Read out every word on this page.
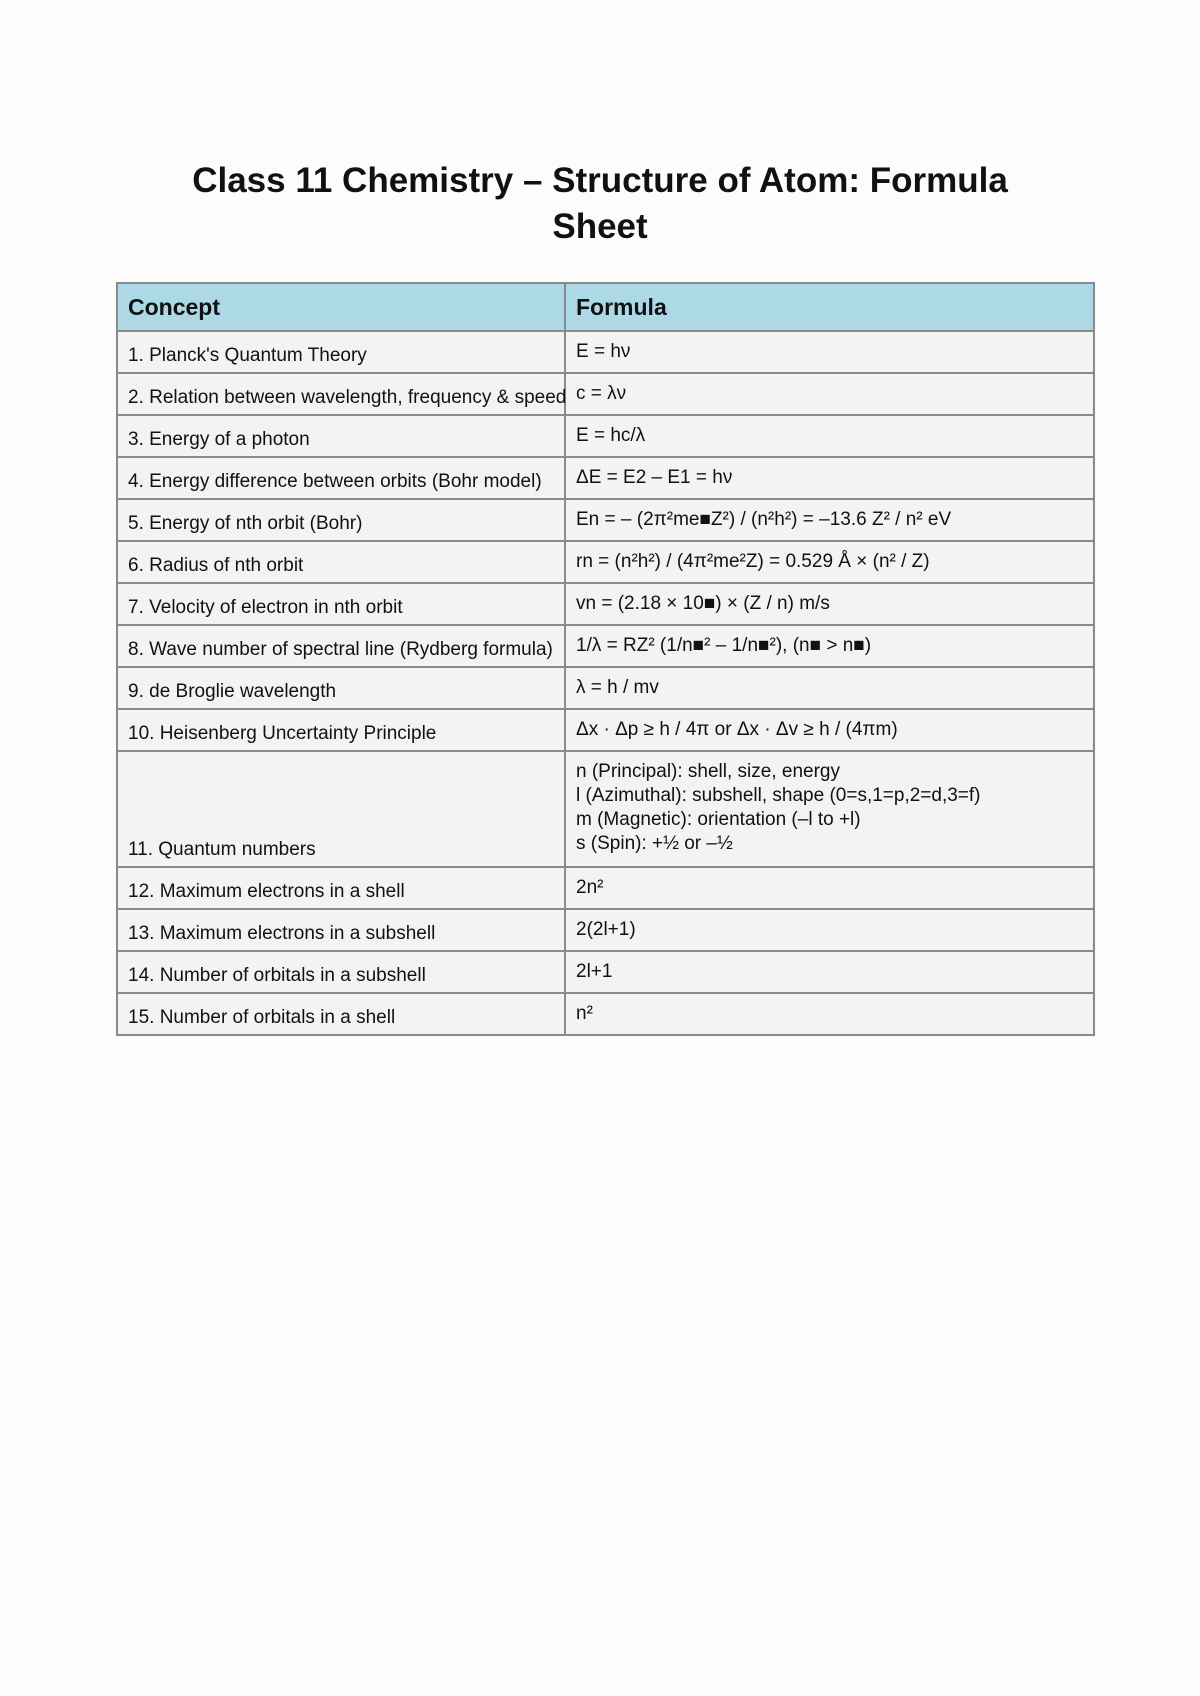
Class 11 Chemistry – Structure of Atom: Formula Sheet
Concept	Formula
1. Planck's Quantum Theory	E = hν
2. Relation between wavelength, frequency & speed	c = λν
3. Energy of a photon	E = hc/λ
4. Energy difference between orbits (Bohr model)	ΔE = E2 – E1 = hν
5. Energy of nth orbit (Bohr)	En = – (2π²me■Z²) / (n²h²) = –13.6 Z² / n² eV
6. Radius of nth orbit	rn = (n²h²) / (4π²me²Z) = 0.529 Å × (n² / Z)
7. Velocity of electron in nth orbit	vn = (2.18 × 10■) × (Z / n) m/s
8. Wave number of spectral line (Rydberg formula)	1/λ = RZ² (1/n■² – 1/n■²), (n■ > n■)
9. de Broglie wavelength	λ = h / mv
10. Heisenberg Uncertainty Principle	Δx · Δp ≥ h / 4π or Δx · Δv ≥ h / (4πm)
11. Quantum numbers	n (Principal): shell, size, energy
l (Azimuthal): subshell, shape (0=s,1=p,2=d,3=f)
m (Magnetic): orientation (–l to +l)
s (Spin): +½ or –½

12. Maximum electrons in a shell	2n²
13. Maximum electrons in a subshell	2(2l+1)
14. Number of orbitals in a subshell	2l+1
15. Number of orbitals in a shell	n²
